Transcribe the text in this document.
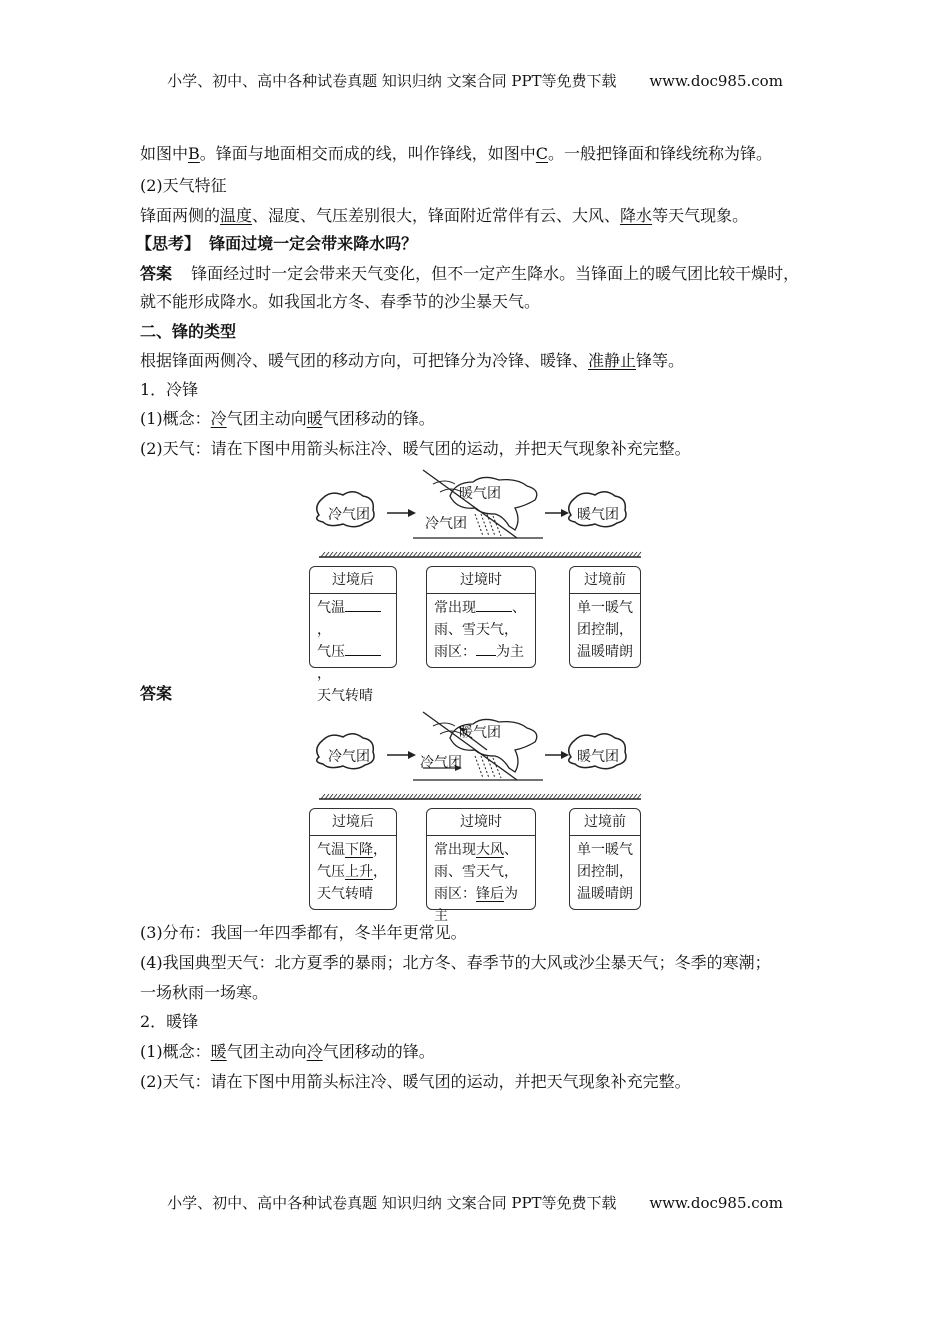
小学、初中、高中各种试卷真题 知识归纳 文案合同 PPT等免费下载 www.doc985.com
如图中B。锋面与地面相交而成的线，叫作锋线，如图中C。一般把锋面和锋线统称为锋。
(2)天气特征
锋面两侧的温度、湿度、气压差别很大，锋面附近常伴有云、大风、降水等天气现象。
【思考】 锋面过境一定会带来降水吗？
答案 锋面经过时一定会带来天气变化，但不一定产生降水。当锋面上的暖气团比较干燥时，
就不能形成降水。如我国北方冬、春季节的沙尘暴天气。
二、锋的类型
根据锋面两侧冷、暖气团的移动方向，可把锋分为冷锋、暖锋、准静止锋等。
1．冷锋
(1)概念：冷气团主动向暖气团移动的锋。
(2)天气：请在下图中用箭头标注冷、暖气团的运动，并把天气现象补充完整。
冷气团
暖气团
冷气团
暖气团
过境后
气温，
气压，
天气转晴
过境时
常出现	、
雨、雪天气，
雨区： 为主
过境前
单一暖气
团控制，
温暖晴朗
答案
冷气团
暖气团
冷气团	暖气团
过境后
气温下降，
气压上升，
天气转晴
过境时
常出现大风、
雨、雪天气，
雨区：锋后为主
过境前
单一暖气
团控制，
温暖晴朗
(3)分布：我国一年四季都有，冬半年更常见。
(4)我国典型天气：北方夏季的暴雨；北方冬、春季节的大风或沙尘暴天气；冬季的寒潮；
一场秋雨一场寒。
2．暖锋
(1)概念：暖气团主动向冷气团移动的锋。
(2)天气：请在下图中用箭头标注冷、暖气团的运动，并把天气现象补充完整。
小学、初中、高中各种试卷真题 知识归纳 文案合同 PPT等免费下载 www.doc985.com
